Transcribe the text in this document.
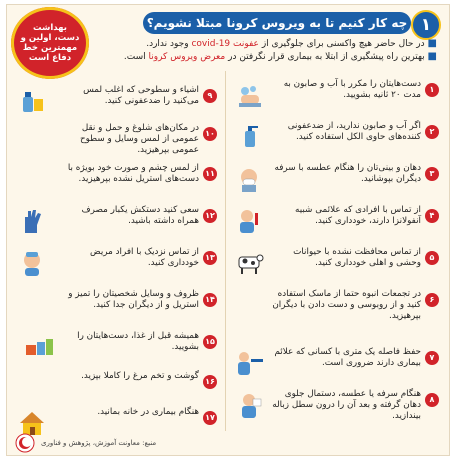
۱
چه کار کنیم تا به ویروس کرونا مبتلا نشویم؟
■ در حال حاضر هیچ واکسنی برای جلوگیری از عفونت covid-19 وجود ندارد.
■ بهترین راه پیشگیری از ابتلا به بیماری قرار نگرفتن در معرض ویروس کرونا است.
بهداشت دست، اولین و مهمترین خط دفاع است
۱
دست‌هایتان را مکرر با آب و صابون به مدت ۲۰ ثانیه بشویید.
۲
اگر آب و صابون ندارید، از ضدعفونی کننده‌های حاوی الکل استفاده کنید.
۳
دهان و بینی‌تان را هنگام عطسه با سرفه دیگران بپوشانید.
۴
از تماس با افرادی که علائمی شبیه آنفولانزا دارند، خودداری کنید.
۵
از تماس محافظت نشده با حیوانات وحشی و اهلی خودداری کنید.
۶
در تجمعات انبوه حتما از ماسک استفاده کنید و از روبوسی و دست دادن با دیگران بپرهیزید.
۷
حفظ فاصله یک متری با کسانی که علائم بیماری دارند ضروری است.
۸
هنگام سرفه یا عطسه، دستمال جلوی دهان گرفته و بعد آن را درون سطل زباله بیندازید.
۹
اشیاء و سطوحی که اغلب لمس می‌کنید را ضدعفونی کنید.
۱۰
در مکان‌های شلوغ و حمل و نقل عمومی از لمس وسایل و سطوح عمومی بپرهیزید.
۱۱
از لمس چشم و صورت خود بویژه با دست‌های استریل نشده بپرهیزید.
۱۲
سعی کنید دستکش یکبار مصرف همراه داشته باشید.
۱۳
از تماس نزدیک با افراد مریض خودداری کنید.
۱۴
ظروف و وسایل شخصیتان را تمیز و استریل و از دیگران جدا کنید.
۱۵
همیشه قبل از غذا، دست‌هایتان را بشویید.
۱۶
گوشت و تخم مرغ را کاملا بپزید.
۱۷
هنگام بیماری در خانه بمانید.
منبع: معاونت آموزش، پژوهش و فناوری
